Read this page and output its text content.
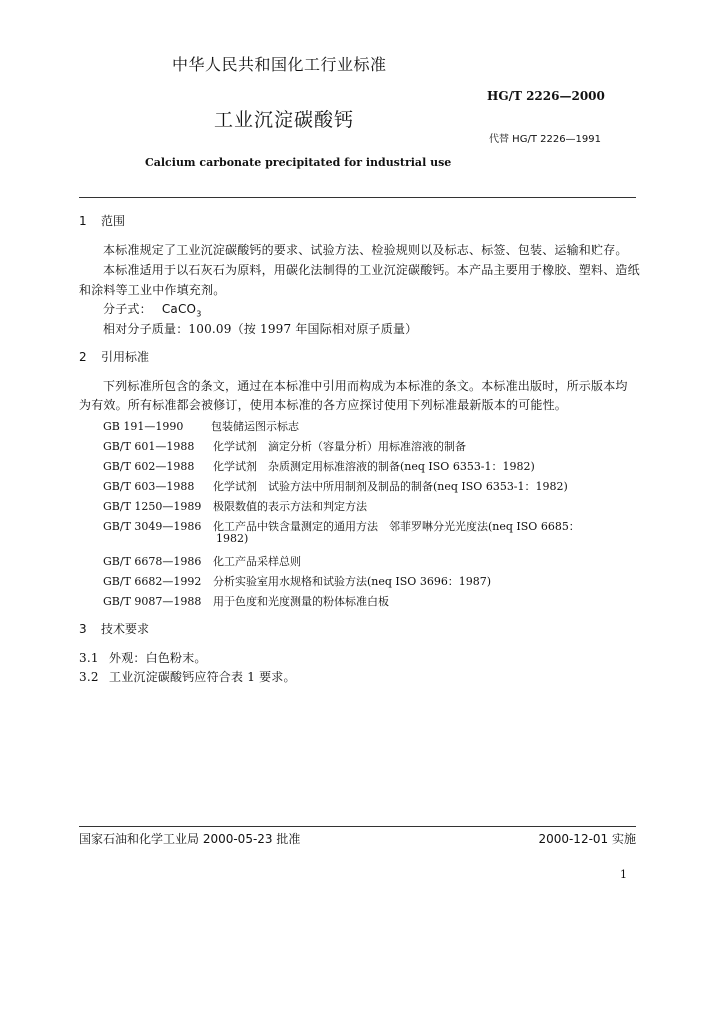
中华人民共和国化工行业标准
HG/T 2226—2000
工业沉淀碳酸钙
代替 HG/T 2226—1991
Calcium carbonate precipitated for industrial use
1 范围
本标准规定了工业沉淀碳酸钙的要求、试验方法、检验规则以及标志、标签、包装、运输和贮存。
本标准适用于以石灰石为原料，用碳化法制得的工业沉淀碳酸钙。本产品主要用于橡胶、塑料、造纸
和涂料等工业中作填充剂。
分子式： CaCO$_3$
相对分子质量：100.09（按 1997 年国际相对原子质量）
2 引用标准
下列标准所包含的条文，通过在本标准中引用而构成为本标准的条文。本标准出版时，所示版本均
为有效。所有标准都会被修订，使用本标准的各方应探讨使用下列标准最新版本的可能性。
GB 191—1990	包装储运图示标志
GB/T 601—1988 化学试剂　滴定分析（容量分析）用标准溶液的制备
GB/T 602—1988 化学试剂　杂质测定用标准溶液的制备(neq ISO 6353-1：1982)
GB/T 603—1988 化学试剂　试验方法中所用制剂及制品的制备(neq ISO 6353-1：1982)
GB/T 1250—1989 极限数值的表示方法和判定方法
GB/T 3049—1986 化工产品中铁含量测定的通用方法　邻菲罗啉分光光度法(neq ISO 6685：
1982)
GB/T 6678—1986 化工产品采样总则
GB/T 6682—1992 分析实验室用水规格和试验方法(neq ISO 3696：1987)
GB/T 9087—1988 用于色度和光度测量的粉体标准白板
3 技术要求
3.1 外观：白色粉末。
3.2 工业沉淀碳酸钙应符合表 1 要求。
国家石油和化学工业局 2000-05-23 批准	2000-12-01 实施
1
